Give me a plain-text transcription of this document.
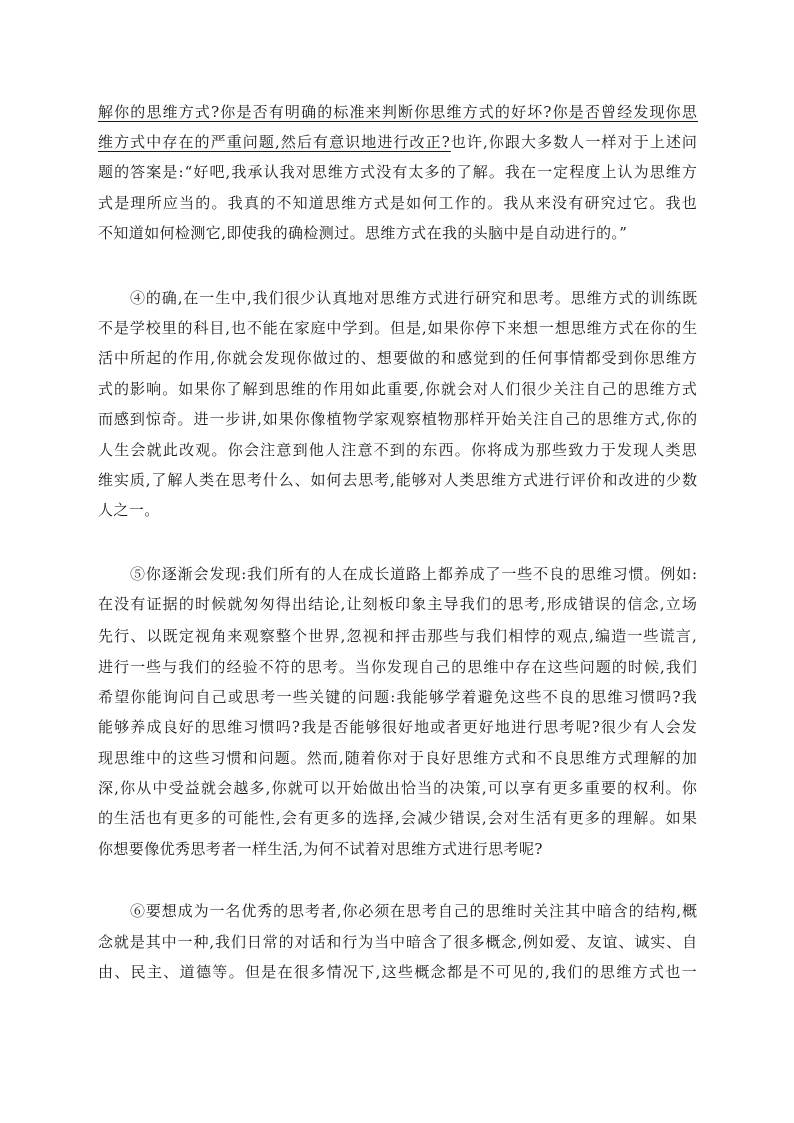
解你的思维方式?你是否有明确的标准来判断你思维方式的好坏?你是否曾经发现你思
维方式中存在的严重问题,然后有意识地进行改正?也许,你跟大多数人一样对于上述问
题的答案是:“好吧,我承认我对思维方式没有太多的了解。我在一定程度上认为思维方
式是理所应当的。我真的不知道思维方式是如何工作的。我从来没有研究过它。我也
不知道如何检测它,即使我的确检测过。思维方式在我的头脑中是自动进行的。”
④的确,在一生中,我们很少认真地对思维方式进行研究和思考。思维方式的训练既
不是学校里的科目,也不能在家庭中学到。但是,如果你停下来想一想思维方式在你的生
活中所起的作用,你就会发现你做过的、想要做的和感觉到的任何事情都受到你思维方
式的影响。如果你了解到思维的作用如此重要,你就会对人们很少关注自己的思维方式
而感到惊奇。进一步讲,如果你像植物学家观察植物那样开始关注自己的思维方式,你的
人生会就此改观。你会注意到他人注意不到的东西。你将成为那些致力于发现人类思
维实质,了解人类在思考什么、如何去思考,能够对人类思维方式进行评价和改进的少数
人之一。
⑤你逐渐会发现:我们所有的人在成长道路上都养成了一些不良的思维习惯。例如:
在没有证据的时候就匆匆得出结论,让刻板印象主导我们的思考,形成错误的信念,立场
先行、以既定视角来观察整个世界,忽视和抨击那些与我们相悖的观点,编造一些谎言,
进行一些与我们的经验不符的思考。当你发现自己的思维中存在这些问题的时候,我们
希望你能询问自己或思考一些关键的问题:我能够学着避免这些不良的思维习惯吗?我
能够养成良好的思维习惯吗?我是否能够很好地或者更好地进行思考呢?很少有人会发
现思维中的这些习惯和问题。然而,随着你对于良好思维方式和不良思维方式理解的加
深,你从中受益就会越多,你就可以开始做出恰当的决策,可以享有更多重要的权利。你
的生活也有更多的可能性,会有更多的选择,会减少错误,会对生活有更多的理解。如果
你想要像优秀思考者一样生活,为何不试着对思维方式进行思考呢?
⑥要想成为一名优秀的思考者,你必须在思考自己的思维时关注其中暗含的结构,概
念就是其中一种,我们日常的对话和行为当中暗含了很多概念,例如爱、友谊、诚实、自
由、民主、道德等。但是在很多情况下,这些概念都是不可见的,我们的思维方式也一
